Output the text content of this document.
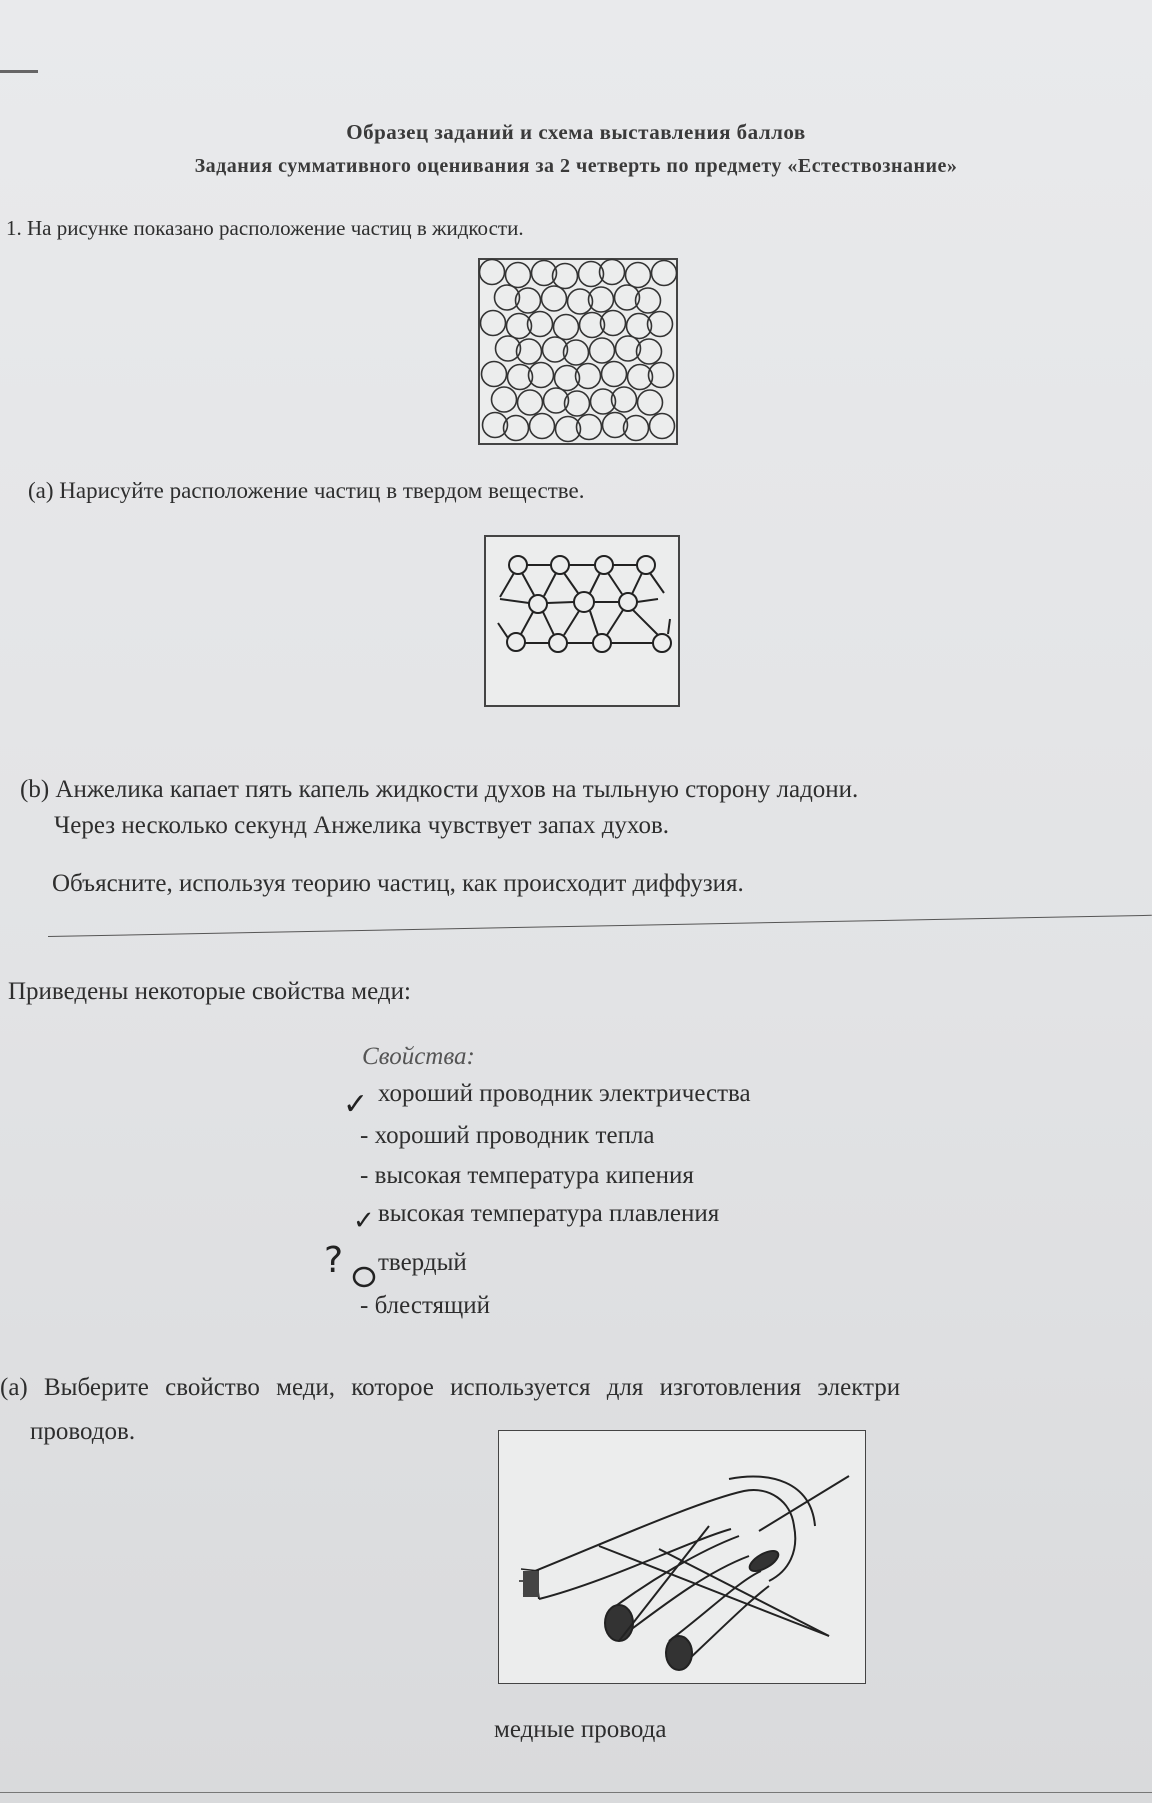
Образец заданий и схема выставления баллов
Задания суммативного оценивания за 2 четверть по предмету «Естествознание»
1. На рисунке показано расположение частиц в жидкости.
(a) Нарисуйте расположение частиц в твердом веществе.
(b) Анжелика капает пять капель жидкости духов на тыльную сторону ладони.
Через несколько секунд Анжелика чувствует запах духов.
Объясните, используя теорию частиц, как происходит диффузия.
Приведены некоторые свойства меди:
Свойства:
✓ хороший проводник электричества
- хороший проводник тепла
- высокая температура кипения
✓ высокая температура плавления
? твердый
- блестящий
(a) Выберите свойство меди, которое используется для изготовления электри
проводов.
медные провода
